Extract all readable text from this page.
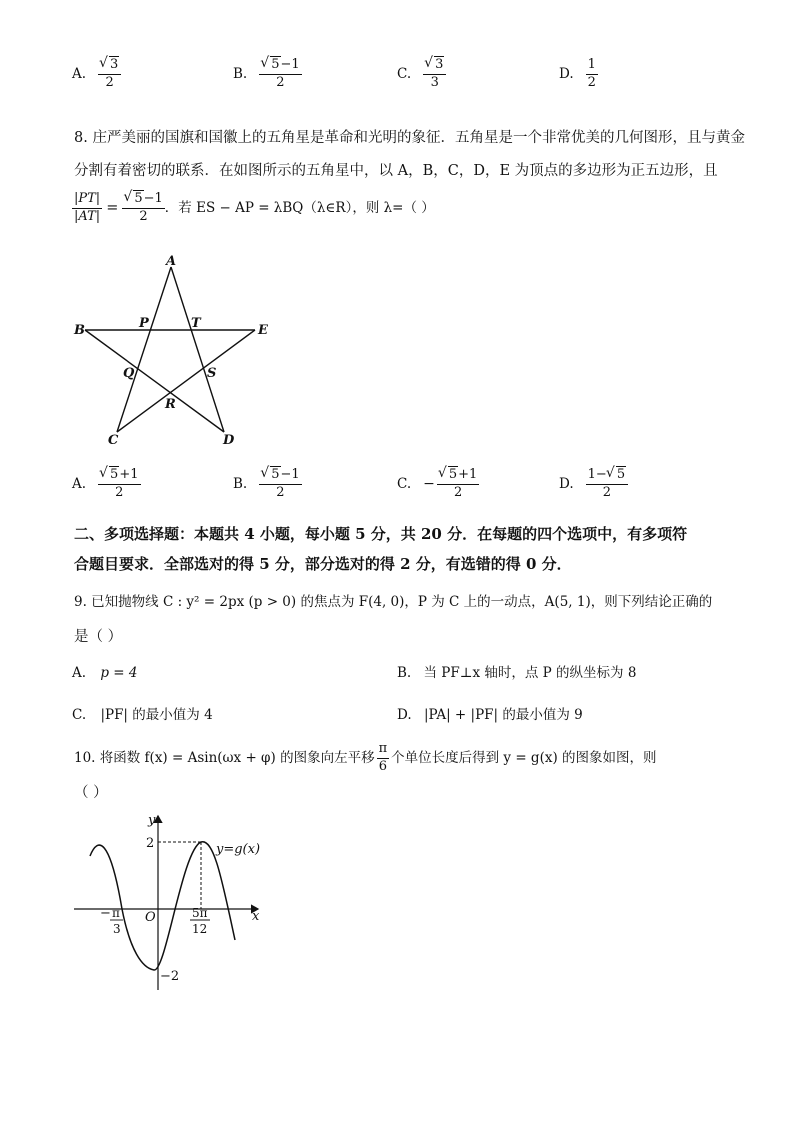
A. √ $\frac{3}{2}$	B. √ $\frac{5-1}{2}$	C. √ $\frac{3}{3}$	D. $\frac{1}{2}$
8. 庄严美丽的国旗和国徽上的五角星是革命和光明的象征．五角星是一个非常优美的几何图形，且与黄金
分割有着密切的联系．在如图所示的五角星中，以 A，B，C，D，E 为顶点的多边形为正五边形，且
$\frac{|PT|}{|AT|}$ = √ $\frac{5-1}{2}$ ．若 ES − AP = λBQ（λ∈R），则 λ=（ ）
A
B	E
C	D
P	T
Q	S
R
A. √ $\frac{5+1}{2}$	B. √ $\frac{5-1}{2}$	C. − √ $\frac{5+1}{2}$	D. $\frac{1- √ 5}{2}$
二、多项选择题：本题共 4 小题，每小题 5 分，共 20 分．在每题的四个选项中，有多项符
合题目要求．全部选对的得 5 分，部分选对的得 2 分，有选错的得 0 分．
9. 已知抛物线 C : y² = 2px (p > 0) 的焦点为 F(4, 0)，P 为 C 上的一动点，A(5, 1)，则下列结论正确的
是（ ）
A. p = 4	B. 当 PF⊥x 轴时，点 P 的纵坐标为 8
C. |PF| 的最小值为 4	D. |PA| + |PF| 的最小值为 9
10. 将函数 f(x) = Asin(ωx + φ) 的图象向左平移 $\frac{\pi}{6}$ 个单位长度后得到 y = g(x) 的图象如图，则
（ ）
y
x
O
2
−2
y=g(x)
− π
3
5π
12
